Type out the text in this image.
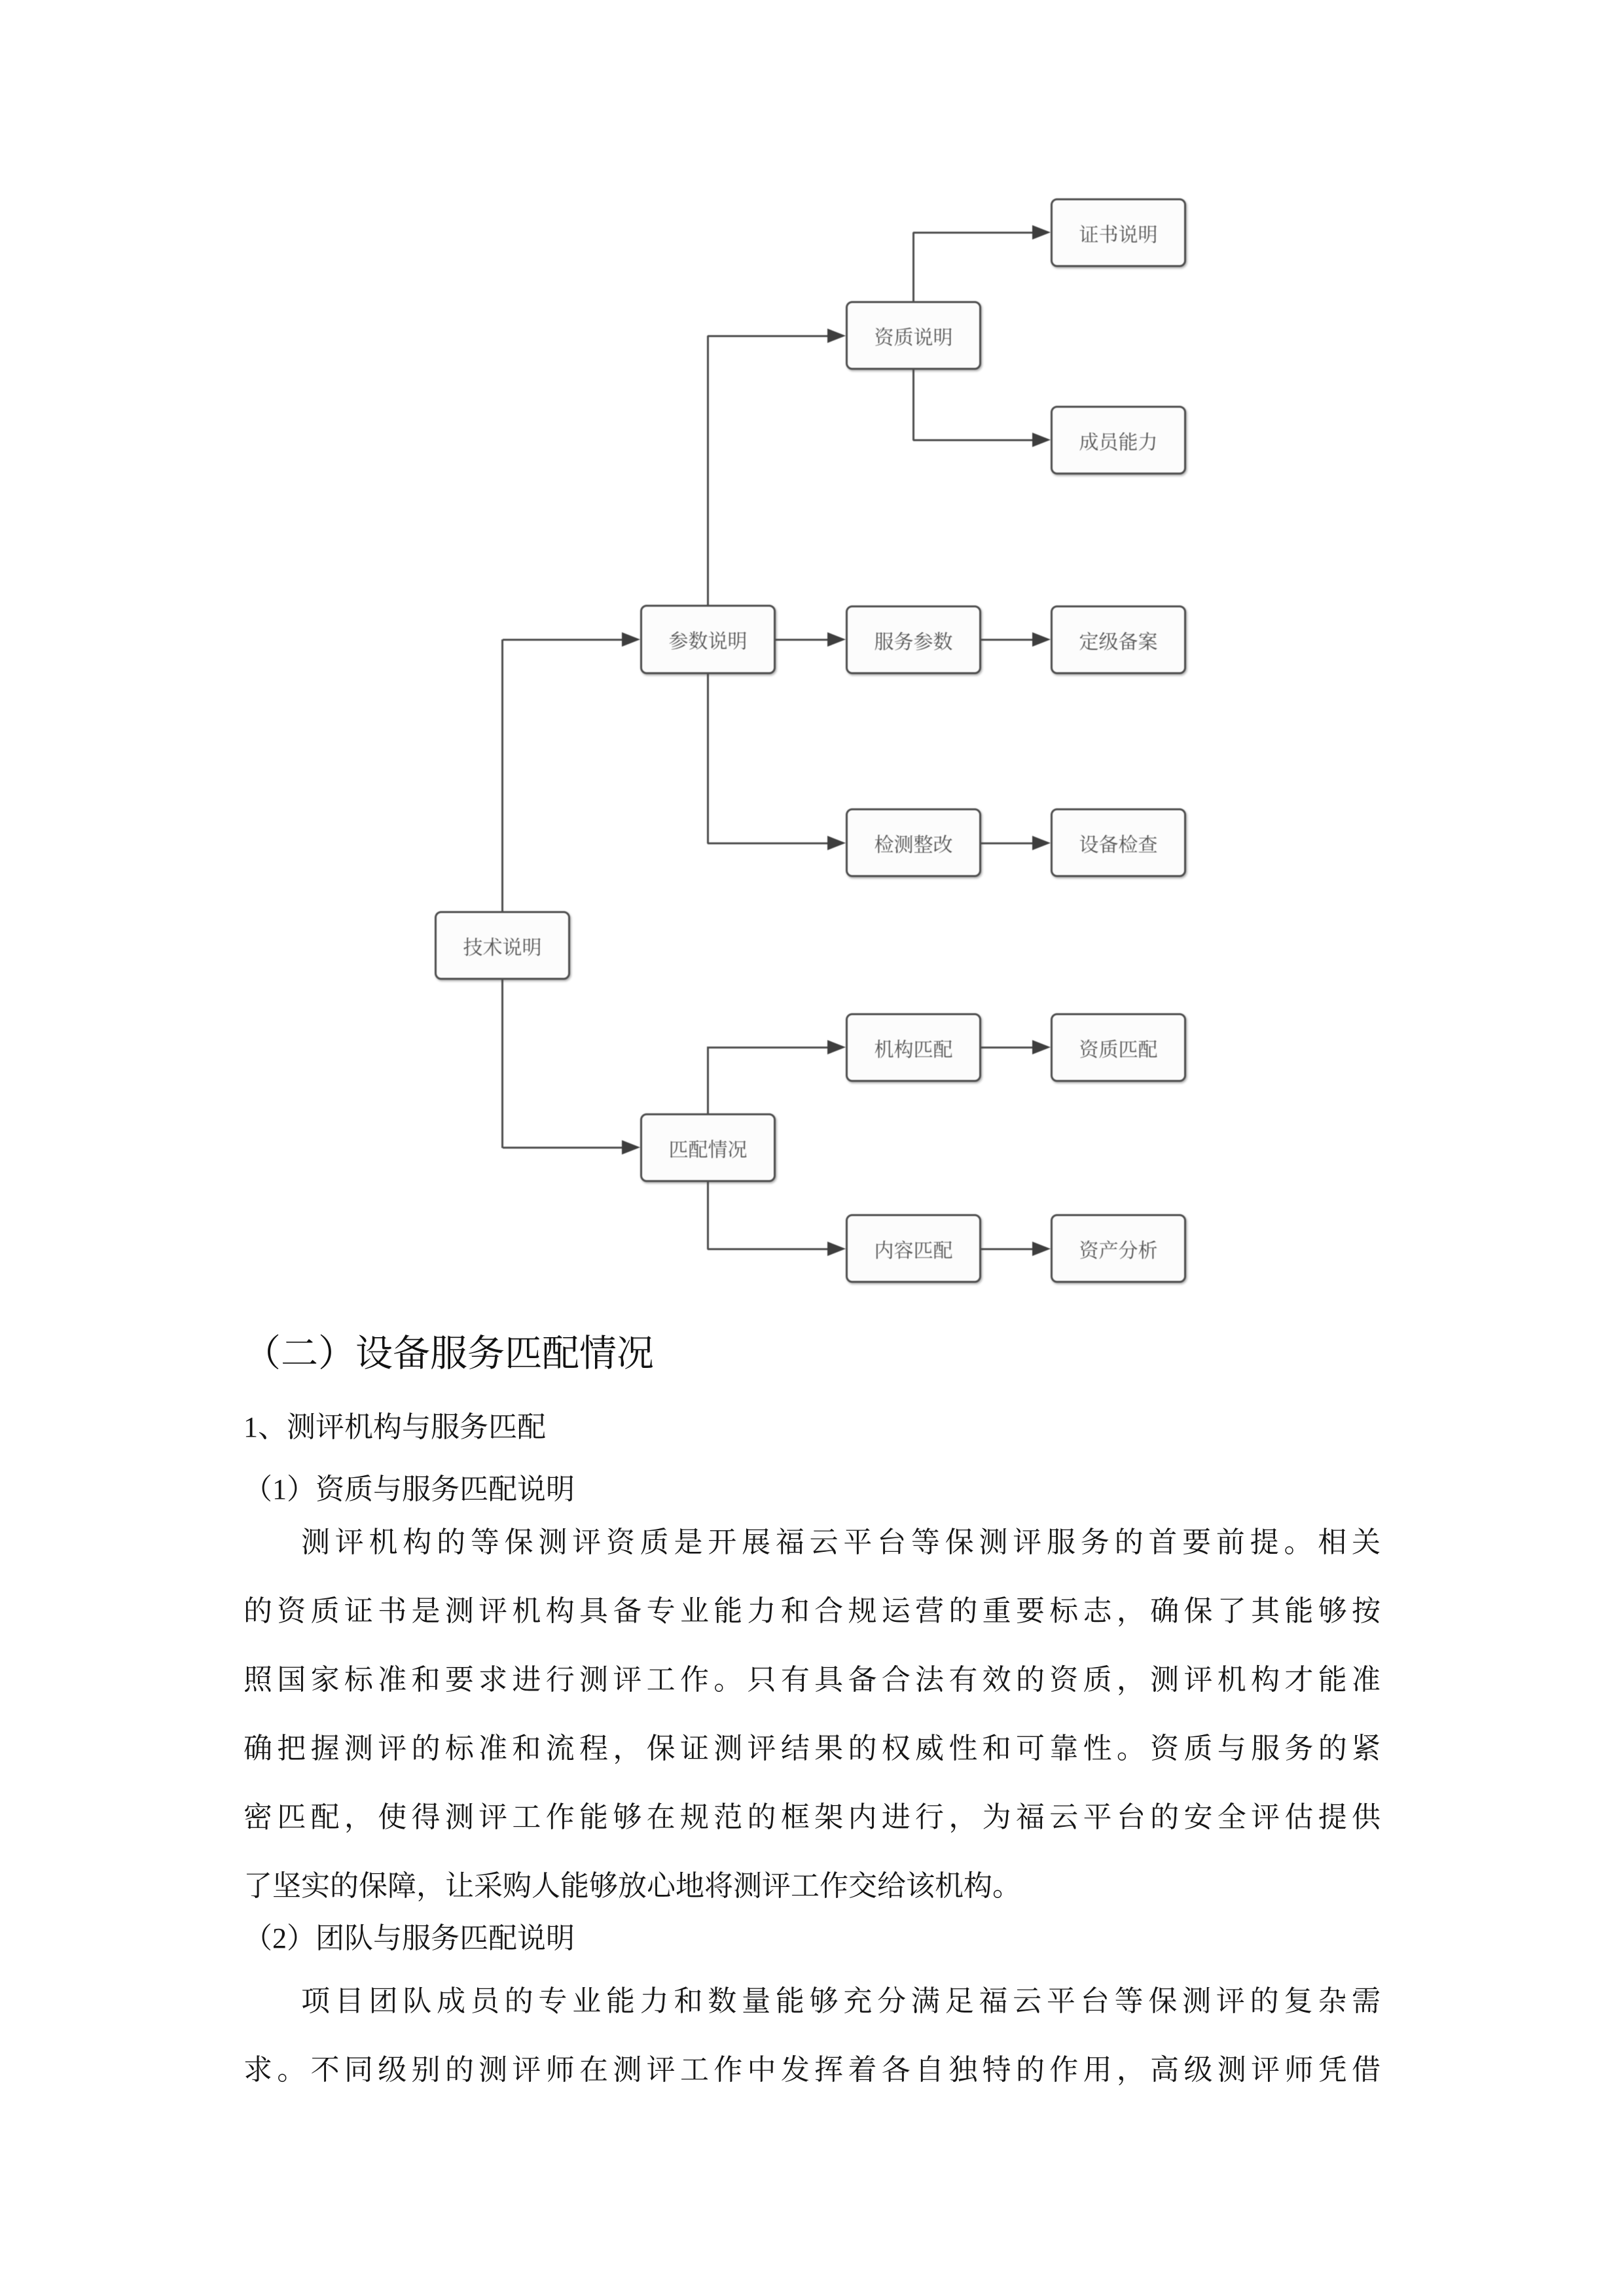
技术说明
参数说明
匹配情况
资质说明
服务参数
检测整改
机构匹配
内容匹配
证书说明
成员能力
定级备案
设备检查
资质匹配
资产分析
（二）设备服务匹配情况
1、测评机构与服务匹配
（1）资质与服务匹配说明
测评机构的等保测评资质是开展福云平台等保测评服务的首要前提。相关
的资质证书是测评机构具备专业能力和合规运营的重要标志，确保了其能够按
照国家标准和要求进行测评工作。只有具备合法有效的资质，测评机构才能准
确把握测评的标准和流程，保证测评结果的权威性和可靠性。资质与服务的紧
密匹配，使得测评工作能够在规范的框架内进行，为福云平台的安全评估提供
了坚实的保障，让采购人能够放心地将测评工作交给该机构。
（2）团队与服务匹配说明
项目团队成员的专业能力和数量能够充分满足福云平台等保测评的复杂需
求。不同级别的测评师在测评工作中发挥着各自独特的作用，高级测评师凭借
